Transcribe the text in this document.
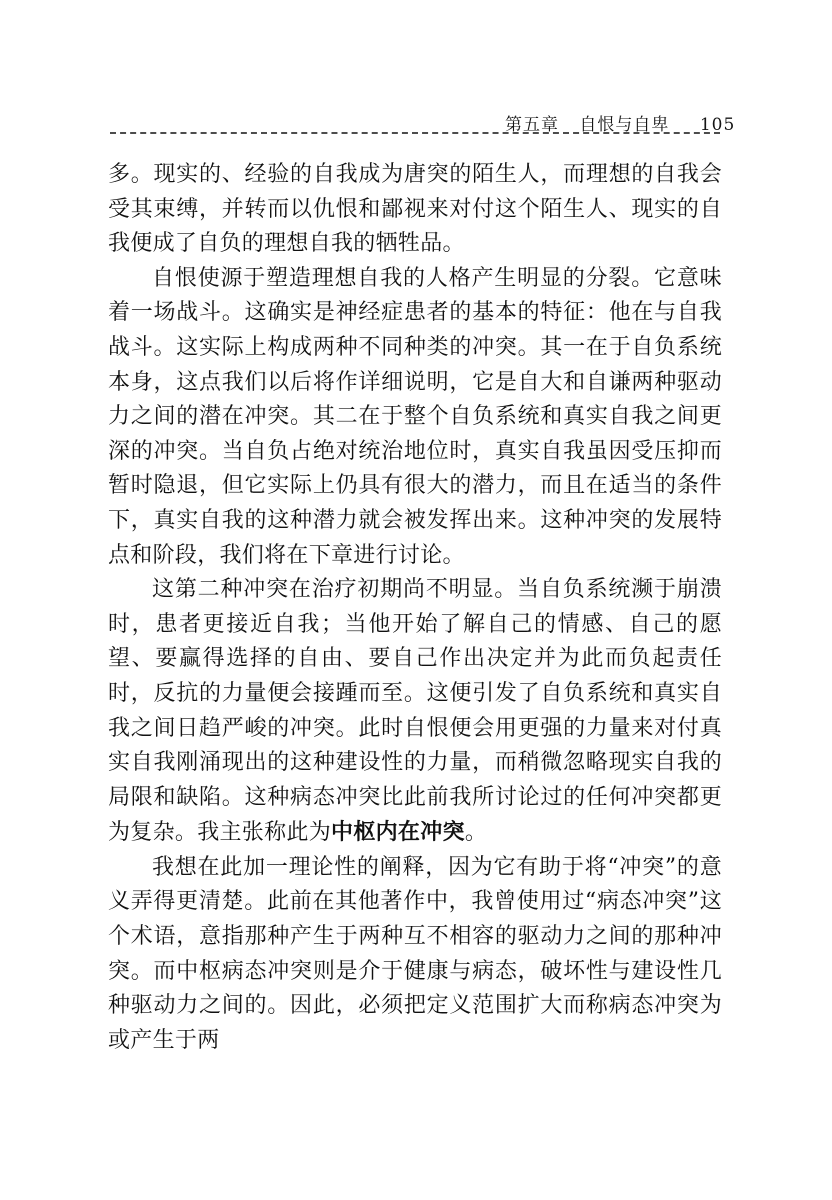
第五章 自恨与自卑 105

多。现实的、经验的自我成为唐突的陌生人，而理想的自我会受其束缚，并转而以仇恨和鄙视来对付这个陌生人、现实的自我便成了自负的理想自我的牺牲品。

自恨使源于塑造理想自我的人格产生明显的分裂。它意味着一场战斗。这确实是神经症患者的基本的特征：他在与自我战斗。这实际上构成两种不同种类的冲突。其一在于自负系统本身，这点我们以后将作详细说明，它是自大和自谦两种驱动力之间的潜在冲突。其二在于整个自负系统和真实自我之间更深的冲突。当自负占绝对统治地位时，真实自我虽因受压抑而暂时隐退，但它实际上仍具有很大的潜力，而且在适当的条件下，真实自我的这种潜力就会被发挥出来。这种冲突的发展特点和阶段，我们将在下章进行讨论。

这第二种冲突在治疗初期尚不明显。当自负系统濒于崩溃时，患者更接近自我；当他开始了解自己的情感、自己的愿望、要赢得选择的自由、要自己作出决定并为此而负起责任时，反抗的力量便会接踵而至。这便引发了自负系统和真实自我之间日趋严峻的冲突。此时自恨便会用更强的力量来对付真实自我刚涌现出的这种建设性的力量，而稍微忽略现实自我的局限和缺陷。这种病态冲突比此前我所讨论过的任何冲突都更为复杂。我主张称此为中枢内在冲突。

我想在此加一理论性的阐释，因为它有助于将“冲突”的意义弄得更清楚。此前在其他著作中，我曾使用过“病态冲突”这个术语，意指那种产生于两种互不相容的驱动力之间的那种冲突。而中枢病态冲突则是介于健康与病态，破坏性与建设性几种驱动力之间的。因此，必须把定义范围扩大而称病态冲突为或产生于两
